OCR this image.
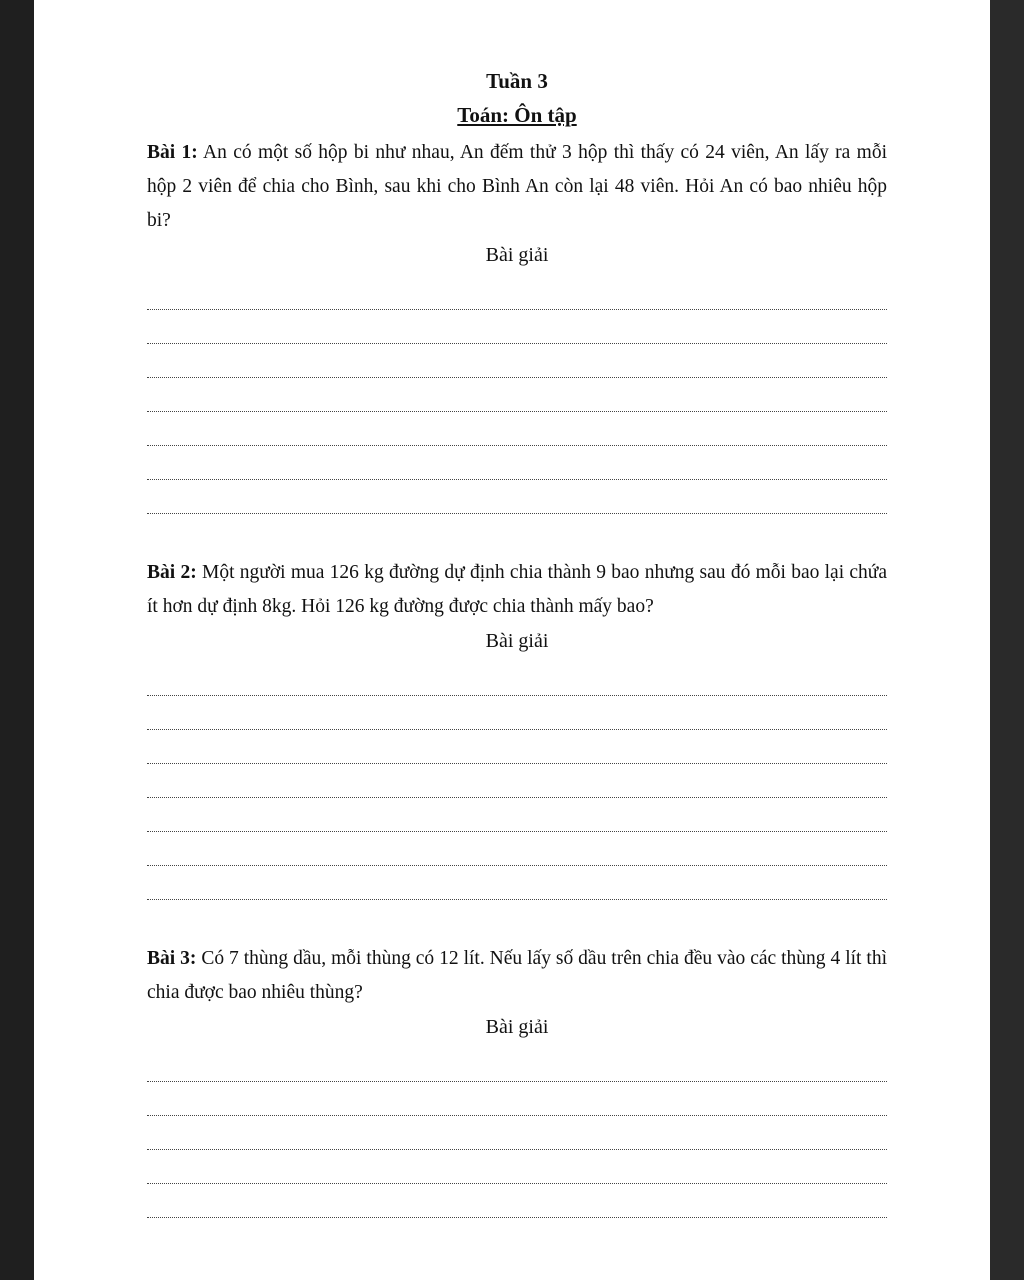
Tuần 3

Toán: Ôn tập

Bài 1: An có một số hộp bi như nhau, An đếm thử 3 hộp thì thấy có 24 viên, An lấy ra mỗi hộp 2 viên để chia cho Bình, sau khi cho Bình An còn lại 48 viên. Hỏi An có bao nhiêu hộp bi?

Bài giải

Bài 2: Một người mua 126 kg đường dự định chia thành 9 bao nhưng sau đó mỗi bao lại chứa ít hơn dự định 8kg. Hỏi 126 kg đường được chia thành mấy bao?

Bài giải

Bài 3: Có 7 thùng dầu, mỗi thùng có 12 lít. Nếu lấy số dầu trên chia đều vào các thùng 4 lít thì chia được bao nhiêu thùng?

Bài giải
